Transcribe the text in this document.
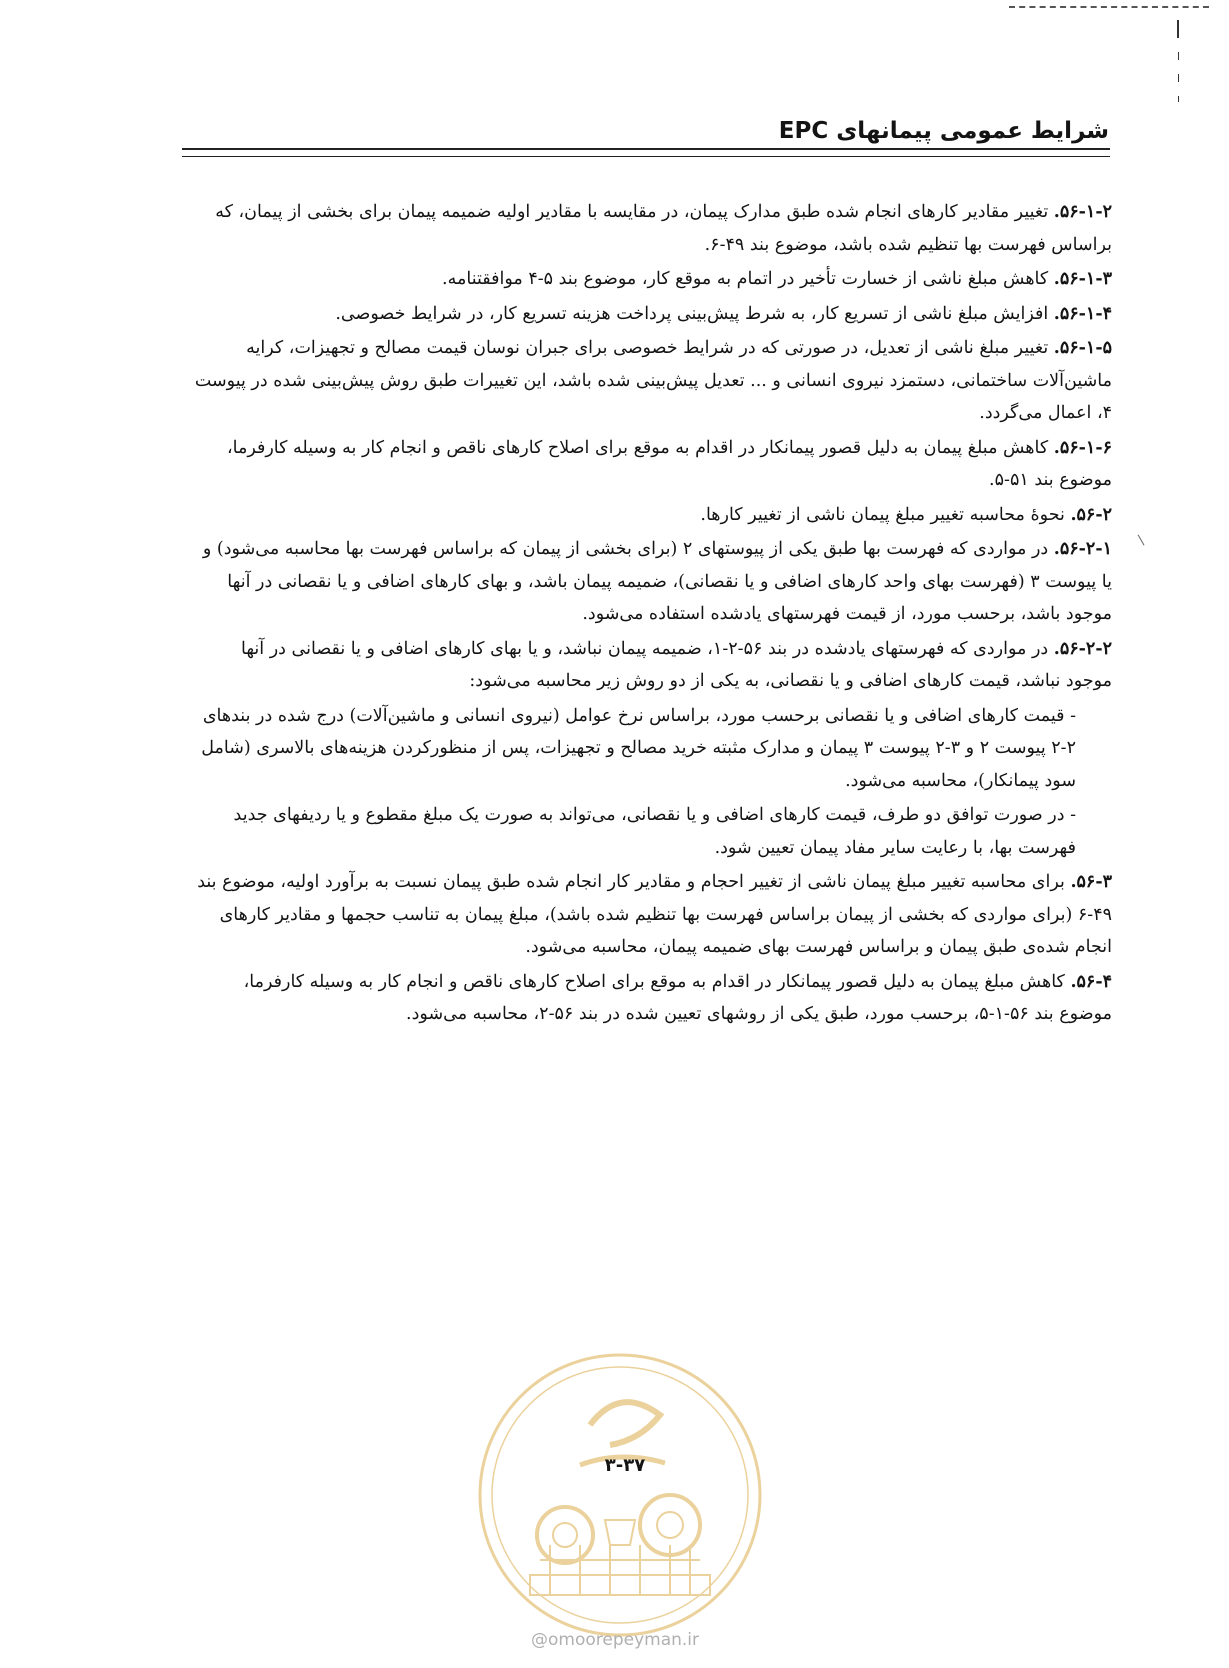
شرایط عمومی پیمانهای EPC

۵۶-۱-۲. تغییر مقادیر کارهای انجام شده طبق مدارک پیمان، در مقایسه با مقادیر اولیه ضمیمه پیمان برای بخشی از پیمان، که براساس فهرست بها تنظیم شده باشد، موضوع بند ۴۹-۶.

۵۶-۱-۳. کاهش مبلغ ناشی از خسارت تأخیر در اتمام به موقع کار، موضوع بند ۵-۴ موافقتنامه.

۵۶-۱-۴. افزایش مبلغ ناشی از تسریع کار، به شرط پیش‌بینی پرداخت هزینه تسریع کار، در شرایط خصوصی.

۵۶-۱-۵. تغییر مبلغ ناشی از تعدیل، در صورتی که در شرایط خصوصی برای جبران نوسان قیمت مصالح و تجهیزات، کرایه ماشین‌آلات ساختمانی، دستمزد نیروی انسانی و ... تعدیل پیش‌بینی شده باشد، این تغییرات طبق روش پیش‌بینی شده در پیوست ۴، اعمال می‌گردد.

۵۶-۱-۶. کاهش مبلغ پیمان به دلیل قصور پیمانکار در اقدام به موقع برای اصلاح کارهای ناقص و انجام کار به وسیله کارفرما، موضوع بند ۵۱-۵.

۵۶-۲. نحوهٔ محاسبه تغییر مبلغ پیمان ناشی از تغییر کارها.

۵۶-۲-۱. در مواردی که فهرست بها طبق یکی از پیوستهای ۲ (برای بخشی از پیمان که براساس فهرست بها محاسبه می‌شود) و یا پیوست ۳ (فهرست بهای واحد کارهای اضافی و یا نقصانی)، ضمیمه پیمان باشد، و بهای کارهای اضافی و یا نقصانی در آنها موجود باشد، برحسب مورد، از قیمت فهرستهای یادشده استفاده می‌شود.

۵۶-۲-۲. در مواردی که فهرستهای یادشده در بند ۵۶-۲-۱، ضمیمه پیمان نباشد، و یا بهای کارهای اضافی و یا نقصانی در آنها موجود نباشد، قیمت کارهای اضافی و یا نقصانی، به یکی از دو روش زیر محاسبه می‌شود:

- قیمت کارهای اضافی و یا نقصانی برحسب مورد، براساس نرخ عوامل (نیروی انسانی و ماشین‌آلات) درج شده در بندهای ۲-۲ پیوست ۲ و ۳-۲ پیوست ۳ پیمان و مدارک مثبته خرید مصالح و تجهیزات، پس از منظورکردن هزینه‌های بالاسری (شامل سود پیمانکار)، محاسبه می‌شود.

- در صورت توافق دو طرف، قیمت کارهای اضافی و یا نقصانی، می‌تواند به صورت یک مبلغ مقطوع و یا ردیفهای جدید فهرست بها، با رعایت سایر مفاد پیمان تعیین شود.

۵۶-۳. برای محاسبه تغییر مبلغ پیمان ناشی از تغییر احجام و مقادیر کار انجام شده طبق پیمان نسبت به برآورد اولیه، موضوع بند ۴۹-۶ (برای مواردی که بخشی از پیمان براساس فهرست بها تنظیم شده باشد)، مبلغ پیمان به تناسب حجمها و مقادیر کارهای انجام شده‌ی طبق پیمان و براساس فهرست بهای ضمیمه پیمان، محاسبه می‌شود.

۵۶-۴. کاهش مبلغ پیمان به دلیل قصور پیمانکار در اقدام به موقع برای اصلاح کارهای ناقص و انجام کار به وسیله کارفرما، موضوع بند ۵۶-۱-۵، برحسب مورد، طبق یکی از روشهای تعیین شده در بند ۵۶-۲، محاسبه می‌شود.

۳-۳۷
@omoorepeyman.ir
